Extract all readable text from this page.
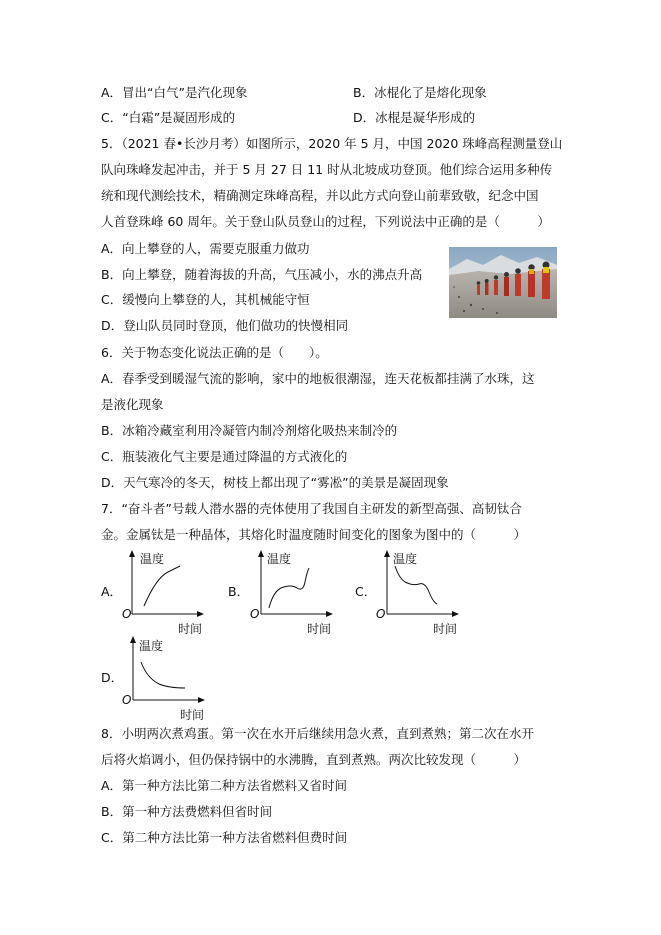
A．冒出“白气”是汽化现象	B．冰棍化了是熔化现象
C．“白霜”是凝固形成的	D．冰棍是凝华形成的
5．（2021 春•长沙月考）如图所示，2020 年 5 月，中国 2020 珠峰高程测量登山
队向珠峰发起冲击，并于 5 月 27 日 11 时从北坡成功登顶。他们综合运用多种传
统和现代测绘技术，精确测定珠峰高程，并以此方式向登山前辈致敬，纪念中国
人首登珠峰 60 周年。关于登山队员登山的过程，下列说法中正确的是（　　　）
A．向上攀登的人，需要克服重力做功
B．向上攀登，随着海拔的升高，气压减小，水的沸点升高
C．缓慢向上攀登的人，其机械能守恒
D．登山队员同时登顶，他们做功的快慢相同
6．关于物态变化说法正确的是（　　）。
A．春季受到暖湿气流的影响，家中的地板很潮湿，连天花板都挂满了水珠，这
是液化现象
B．冰箱冷藏室利用冷凝管内制冷剂熔化吸热来制冷的
C．瓶装液化气主要是通过降温的方式液化的
D．天气寒冷的冬天，树枝上都出现了“雾凇”的美景是凝固现象
7．“奋斗者”号载人潜水器的壳体使用了我国自主研发的新型高强、高韧钛合
金。金属钛是一种晶体，其熔化时温度随时间变化的图象为图中的（　　　）
A．
温度
O
时间
B．
温度
O
时间
C．
温度
O
时间
D．
温度
O
时间
8．小明两次煮鸡蛋。第一次在水开后继续用急火煮，直到煮熟；第二次在水开
后将火焰调小，但仍保持锅中的水沸腾，直到煮熟。两次比较发现（　　　）
A．第一种方法比第二种方法省燃料又省时间
B．第一种方法费燃料但省时间
C．第二种方法比第一种方法省燃料但费时间
